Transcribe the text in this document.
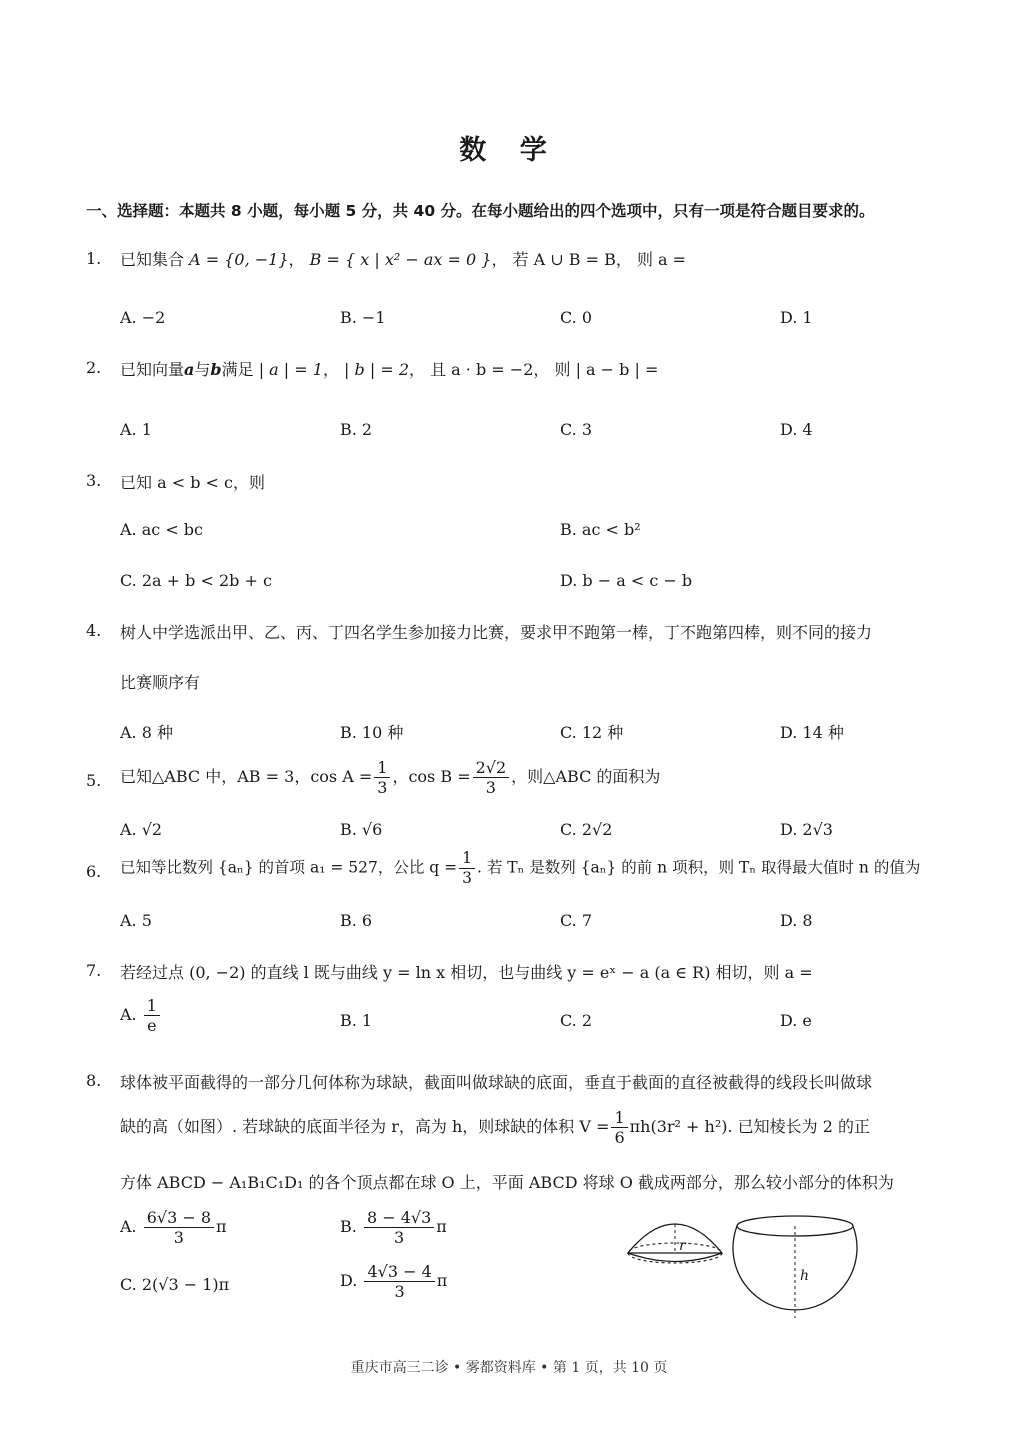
数 学
一、选择题：本题共 8 小题，每小题 5 分，共 40 分。在每小题给出的四个选项中，只有一项是符合题目要求的。
1. 已知集合 A = {0, −1}， B = { x | x² − ax = 0 }， 若 A ∪ B = B， 则 a =
A. −2	B. −1	C. 0	D. 1
2. 已知向量a与b满足 | a | = 1， | b | = 2， 且 a · b = −2， 则 | a − b | =
A. 1	B. 2	C. 3	D. 4
3. 已知 a < b < c，则
A. ac < bc	B. ac < b²
C. 2a + b < 2b + c	D. b − a < c − b
4. 树人中学选派出甲、乙、丙、丁四名学生参加接力比赛，要求甲不跑第一棒，丁不跑第四棒，则不同的接力
比赛顺序有
A. 8 种	B. 10 种	C. 12 种	D. 14 种
5. 已知△ABC 中，AB = 3，$\cos A = \frac{1}{3}$ ，$\cos B = \frac{2√2}{3}$ ，则△ABC 的面积为
A. √2	B. √6	C. 2√2	D. 2√3
6. 已知等比数列 {aₙ} 的首项 a₁ = 527，公比 $q = \frac{1}{3}$ . 若 Tₙ 是数列 {aₙ} 的前 n 项积，则 Tₙ 取得最大值时 n 的值为
A. 5	B. 6	C. 7	D. 8
7. 若经过点 (0, −2) 的直线 l 既与曲线 y = ln x 相切，也与曲线 y = eˣ − a (a ∈ R) 相切，则 a =
A. $\frac{1}{e}$	B. 1	C. 2	D. e
8. 球体被平面截得的一部分几何体称为球缺，截面叫做球缺的底面，垂直于截面的直径被截得的线段长叫做球
缺的高（如图）. 若球缺的底面半径为 r，高为 h，则球缺的体积 $V = \frac{1}{6} \pi h(3r^2 + h^2)$. 已知棱长为 2 的正
方体 ABCD − A₁B₁C₁D₁ 的各个顶点都在球 O 上，平面 ABCD 将球 O 截成两部分，那么较小部分的体积为
A. $\frac{6√3 - 8}{3}$ π	B. $\frac{8 - 4√3}{3}$ π
C. 2(√3 − 1)π	D. $\frac{4√3 - 4}{3}$ π
r
h
重庆市高三二诊 • 雾都资料库 • 第 1 页，共 10 页
